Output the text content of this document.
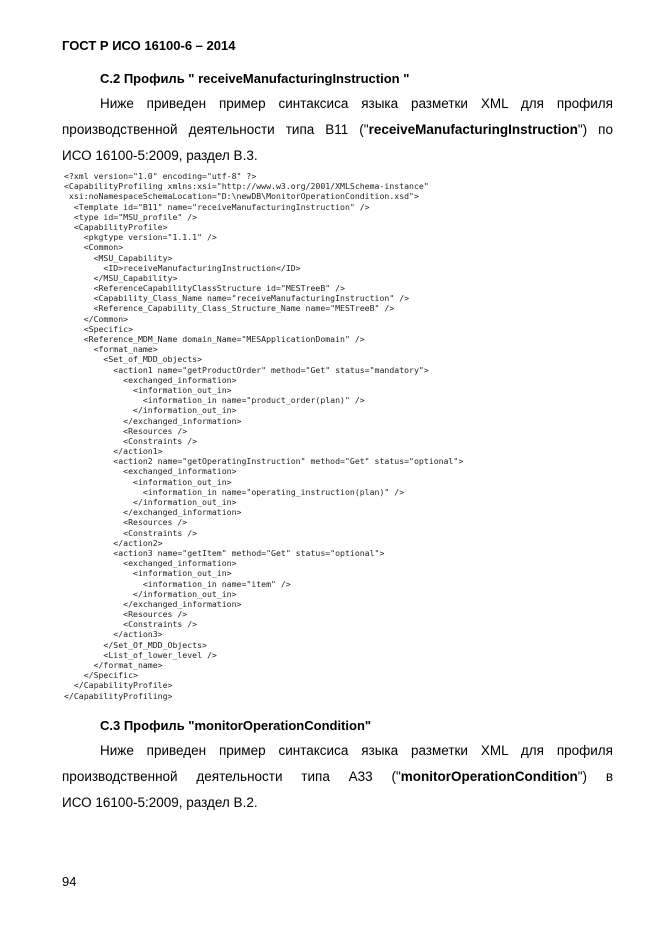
ГОСТ Р ИСО 16100-6 – 2014
C.2 Профиль " receiveManufacturingInstruction "
Ниже приведен пример синтаксиса языка разметки XML для профиля
производственной деятельности типа В11 ("receiveManufacturingInstruction") по
ИСО 16100-5:2009, раздел В.3.
<?xml version="1.0" encoding="utf-8" ?>
<CapabilityProfiling xmlns:xsi="http://www.w3.org/2001/XMLSchema-instance"
xsi:noNamespaceSchemaLocation="D:\newDB\MonitorOperationCondition.xsd">
<Template id="B11" name="receiveManufacturingInstruction" />
<type id="MSU_profile" />
<CapabilityProfile>
<pkgtype version="1.1.1" />
<Common>
<MSU_Capability>
<ID>receiveManufacturingInstruction</ID>
</MSU_Capability>
<ReferenceCapabilityClassStructure id="MESTreeB" />
<Capability_Class_Name name="receiveManufacturingInstruction" />
<Reference_Capability_Class_Structure_Name name="MESTreeB" />
</Common>
<Specific>
<Reference_MDM_Name domain_Name="MESApplicationDomain" />
<format_name>
<Set_of_MDD_objects>
<action1 name="getProductOrder" method="Get" status="mandatory">
<exchanged_information>
<information_out_in>
<information_in name="product_order(plan)" />
</information_out_in>
</exchanged_information>
<Resources />
<Constraints />
</action1>
<action2 name="getOperatingInstruction" method="Get" status="optional">
<exchanged_information>
<information_out_in>
<information_in name="operating_instruction(plan)" />
</information_out_in>
</exchanged_information>
<Resources />
<Constraints />
</action2>
<action3 name="getItem" method="Get" status="optional">
<exchanged_information>
<information_out_in>
<information_in name="item" />
</information_out_in>
</exchanged_information>
<Resources />
<Constraints />
</action3>
</Set_Of_MDD_Objects>
<List_of_lower_level />
</format_name>
</Specific>
</CapabilityProfile>
</CapabilityProfiling>
C.3 Профиль "monitorOperationCondition"
Ниже приведен пример синтаксиса языка разметки XML для профиля
производственной деятельности типа А33 ("monitorOperationCondition") в
ИСО 16100-5:2009, раздел В.2.
94
